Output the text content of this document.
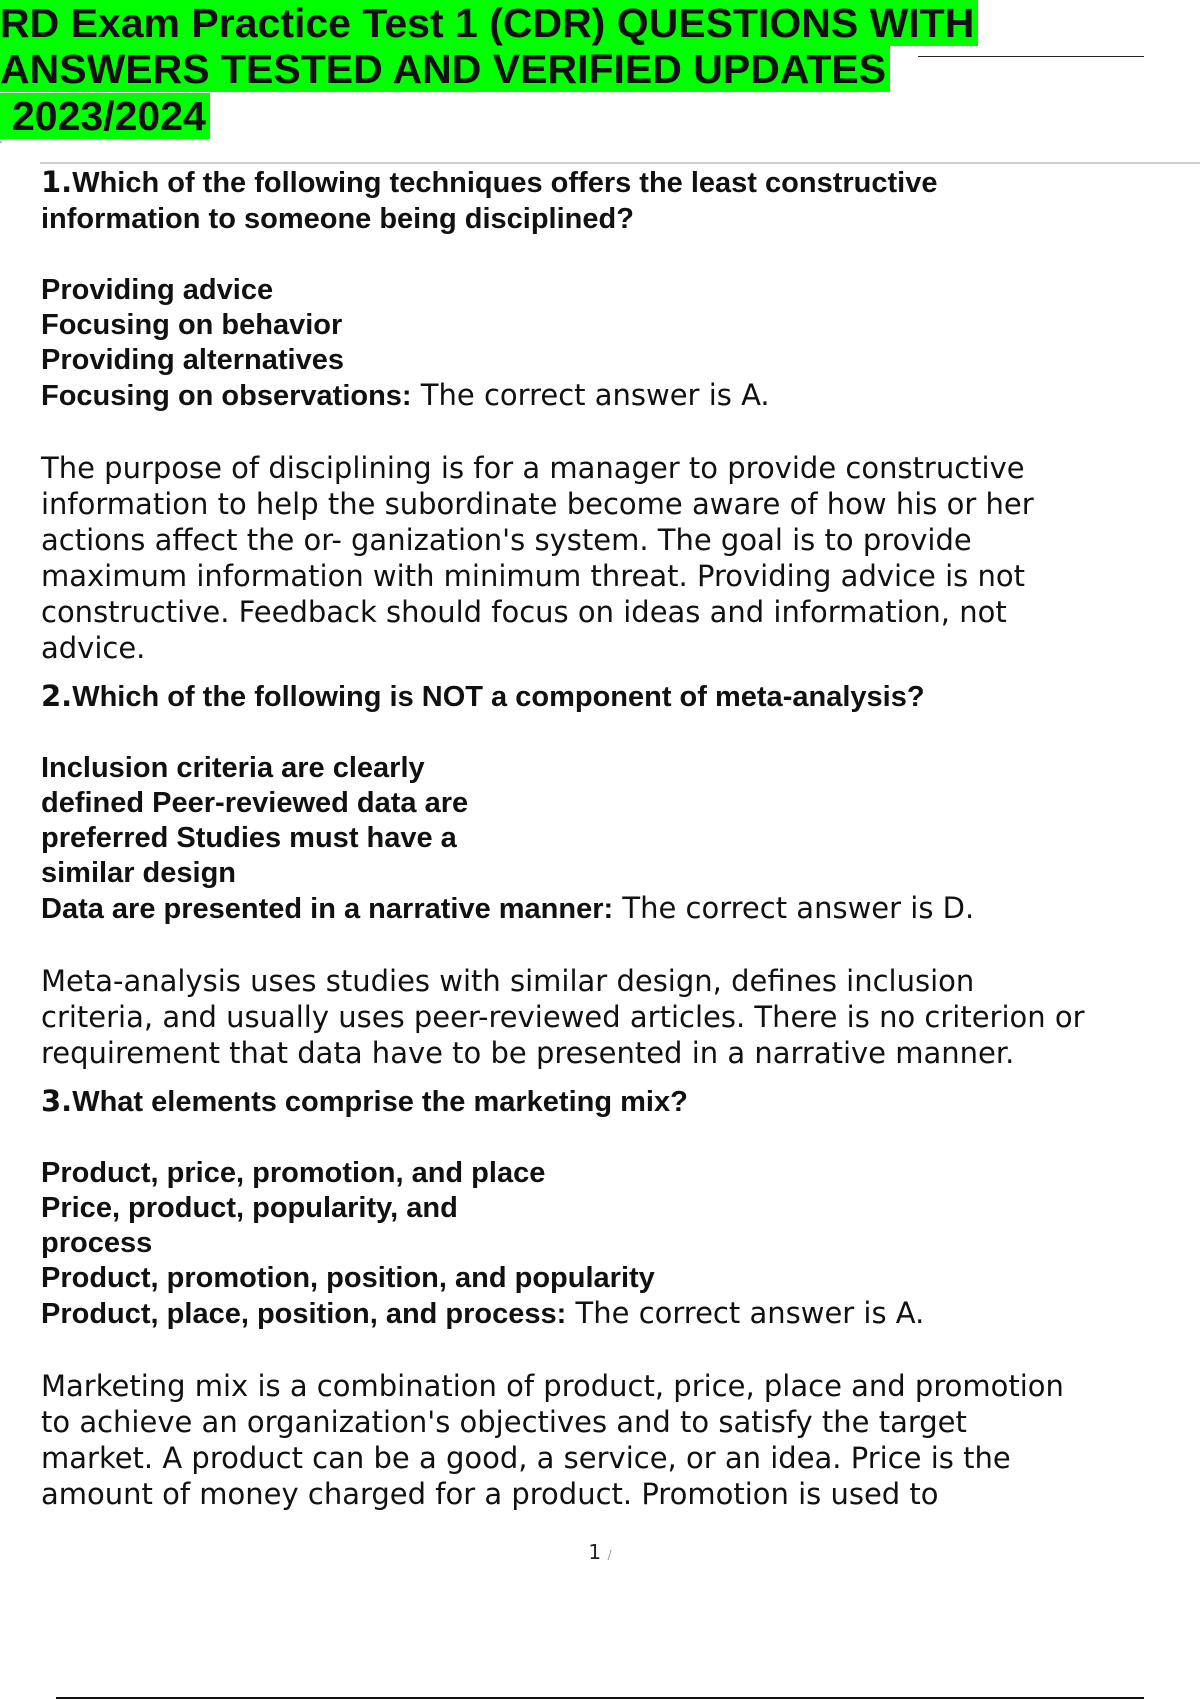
RD Exam Practice Test 1 (CDR) QUESTIONS WITH
ANSWERS TESTED AND VERIFIED UPDATES
2023/2024
'
1.Which of the following techniques offers the least constructive
information to someone being disciplined?
Providing advice
Focusing on behavior
Providing alternatives
Focusing on observations: The correct answer is A.
The purpose of disciplining is for a manager to provide constructive
information to help the subordinate become aware of how his or her
actions affect the or- ganization's system. The goal is to provide
maximum information with minimum threat. Providing advice is not
constructive. Feedback should focus on ideas and information, not
advice.
2.Which of the following is NOT a component of meta-analysis?
Inclusion criteria are clearly
defined Peer-reviewed data are
preferred Studies must have a
similar design
Data are presented in a narrative manner: The correct answer is D.
Meta-analysis uses studies with similar design, defines inclusion
criteria, and usually uses peer-reviewed articles. There is no criterion or
requirement that data have to be presented in a narrative manner.
3.What elements comprise the marketing mix?
Product, price, promotion, and place
Price, product, popularity, and
process
Product, promotion, position, and popularity
Product, place, position, and process: The correct answer is A.
Marketing mix is a combination of product, price, place and promotion
to achieve an organization's objectives and to satisfy the target
market. A product can be a good, a service, or an idea. Price is the
amount of money charged for a product. Promotion is used to
1 /
